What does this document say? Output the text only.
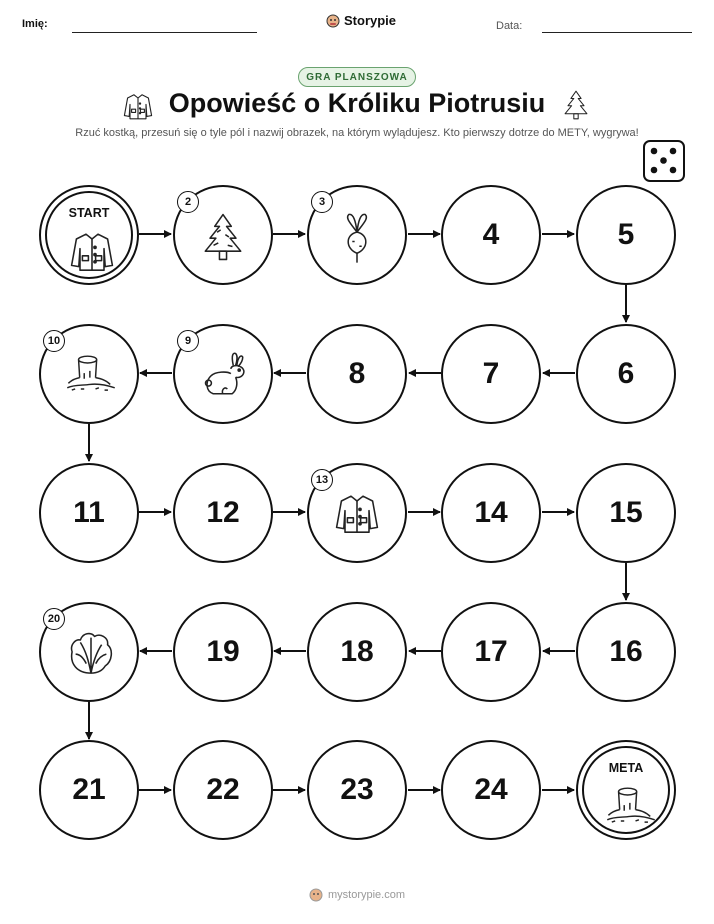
Imię:	Storypie	Data:
GRA PLANSZOWA
Opowieść o Króliku Piotrusiu
Rzuć kostką, przesuń się o tyle pól i nazwij obrazek, na którym wylądujesz. Kto pierwszy dotrze do METY, wygrywa!
START
2	3
4	5
6
7
8
9
10
11	12
13
14	15
16
17
18
19
20
21	22	23	24
META
mystorypie.com
